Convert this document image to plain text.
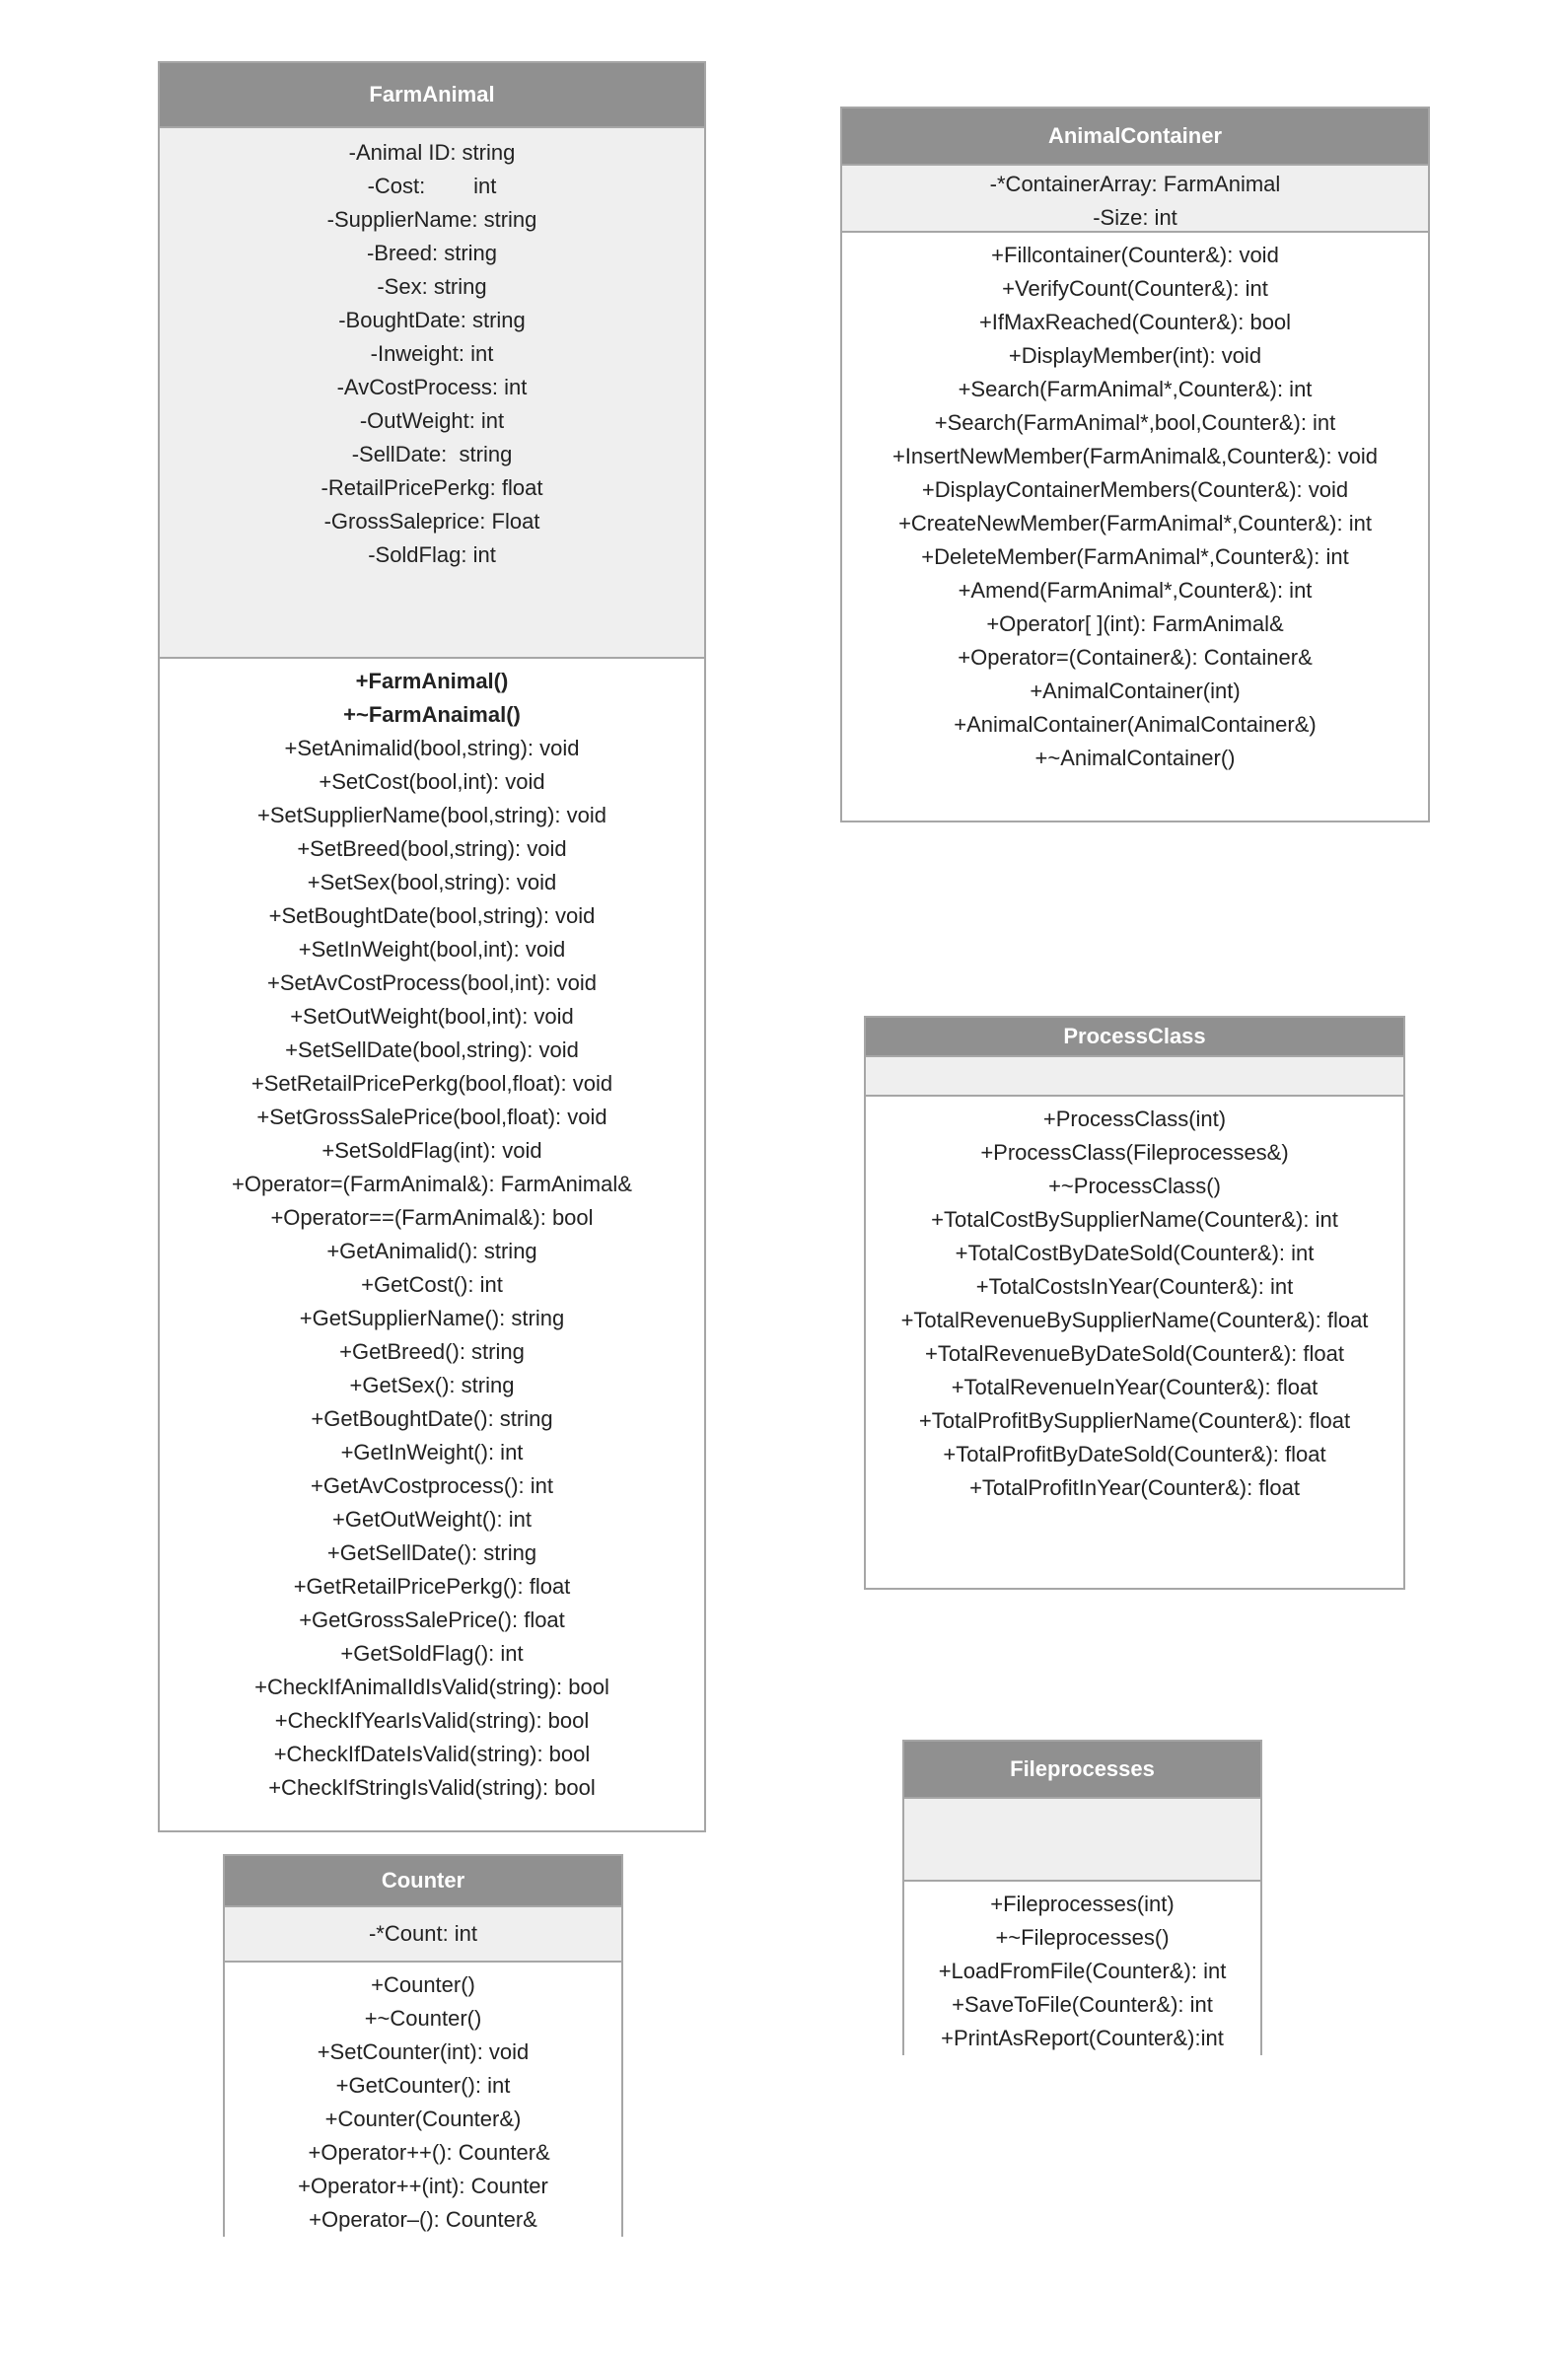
FarmAnimal
-Animal ID: string
-Cost:        int
-SupplierName: string
-Breed: string
-Sex: string
-BoughtDate: string
-Inweight: int
-AvCostProcess: int
-OutWeight: int
-SellDate:  string
-RetailPricePerkg: float
-GrossSaleprice: Float
-SoldFlag: int
+FarmAnimal()
+~FarmAnaimal()
+SetAnimalid(bool,string): void
+SetCost(bool,int): void
+SetSupplierName(bool,string): void
+SetBreed(bool,string): void
+SetSex(bool,string): void
+SetBoughtDate(bool,string): void
+SetInWeight(bool,int): void
+SetAvCostProcess(bool,int): void
+SetOutWeight(bool,int): void
+SetSellDate(bool,string): void
+SetRetailPricePerkg(bool,float): void
+SetGrossSalePrice(bool,float): void
+SetSoldFlag(int): void
+Operator=(FarmAnimal&): FarmAnimal&
+Operator==(FarmAnimal&): bool
+GetAnimalid(): string
+GetCost(): int
+GetSupplierName(): string
+GetBreed(): string
+GetSex(): string
+GetBoughtDate(): string
+GetInWeight(): int
+GetAvCostprocess(): int
+GetOutWeight(): int
+GetSellDate(): string
+GetRetailPricePerkg(): float
+GetGrossSalePrice(): float
+GetSoldFlag(): int
+CheckIfAnimalIdIsValid(string): bool
+CheckIfYearIsValid(string): bool
+CheckIfDateIsValid(string): bool
+CheckIfStringIsValid(string): bool
AnimalContainer
-*ContainerArray: FarmAnimal
-Size: int
+Fillcontainer(Counter&): void
+VerifyCount(Counter&): int
+IfMaxReached(Counter&): bool
+DisplayMember(int): void
+Search(FarmAnimal*,Counter&): int
+Search(FarmAnimal*,bool,Counter&): int
+InsertNewMember(FarmAnimal&,Counter&): void
+DisplayContainerMembers(Counter&): void
+CreateNewMember(FarmAnimal*,Counter&): int
+DeleteMember(FarmAnimal*,Counter&): int
+Amend(FarmAnimal*,Counter&): int
+Operator[ ](int): FarmAnimal&
+Operator=(Container&): Container&
+AnimalContainer(int)
+AnimalContainer(AnimalContainer&)
+~AnimalContainer()
ProcessClass
+ProcessClass(int)
+ProcessClass(Fileprocesses&)
+~ProcessClass()
+TotalCostBySupplierName(Counter&): int
+TotalCostByDateSold(Counter&): int
+TotalCostsInYear(Counter&): int
+TotalRevenueBySupplierName(Counter&): float
+TotalRevenueByDateSold(Counter&): float
+TotalRevenueInYear(Counter&): float
+TotalProfitBySupplierName(Counter&): float
+TotalProfitByDateSold(Counter&): float
+TotalProfitInYear(Counter&): float
Fileprocesses
+Fileprocesses(int)
+~Fileprocesses()
+LoadFromFile(Counter&): int
+SaveToFile(Counter&): int
+PrintAsReport(Counter&):int
Counter
-*Count: int
+Counter()
+~Counter()
+SetCounter(int): void
+GetCounter(): int
+Counter(Counter&)
+Operator++(): Counter&
+Operator++(int): Counter
+Operator–(): Counter&
